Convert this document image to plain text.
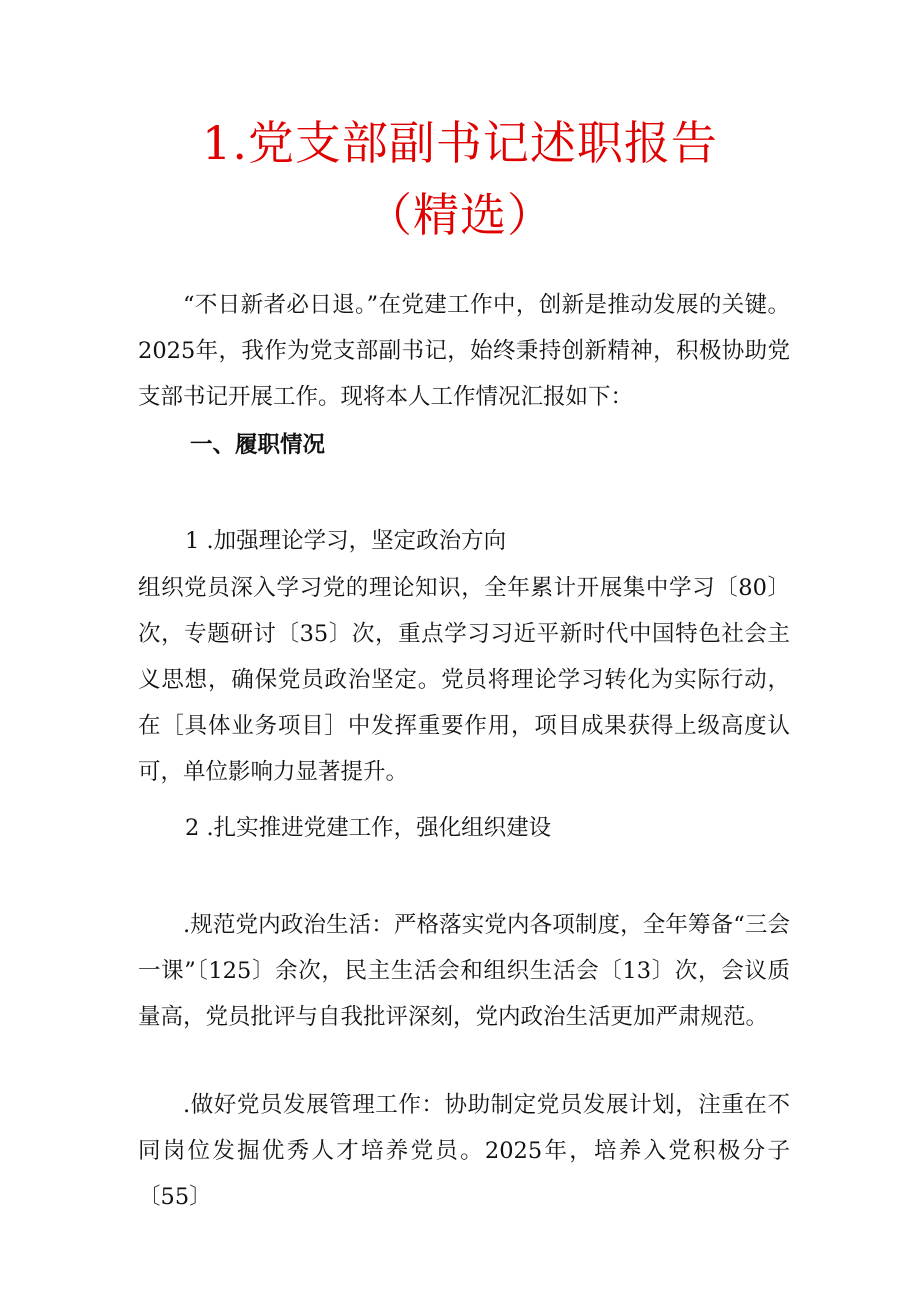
1.党支部副书记述职报告
（精选）

“不日新者必日退。”在党建工作中，创新是推动发展的关键。2025年，我作为党支部副书记，始终秉持创新精神，积极协助党支部书记开展工作。现将本人工作情况汇报如下：

一、履职情况
1 .加强理论学习，坚定政治方向

组织党员深入学习党的理论知识，全年累计开展集中学习〔80〕次，专题研讨〔35〕次，重点学习习近平新时代中国特色社会主义思想，确保党员政治坚定。党员将理论学习转化为实际行动，在［具体业务项目］中发挥重要作用，项目成果获得上级高度认可，单位影响力显著提升。

2 .扎实推进党建工作，强化组织建设

.规范党内政治生活：严格落实党内各项制度，全年筹备“三会一课”〔125〕余次，民主生活会和组织生活会〔13〕次，会议质量高，党员批评与自我批评深刻，党内政治生活更加严肃规范。

.做好党员发展管理工作：协助制定党员发展计划，注重在不同岗位发掘优秀人才培养党员。2025年，培养入党积极分子〔55〕
